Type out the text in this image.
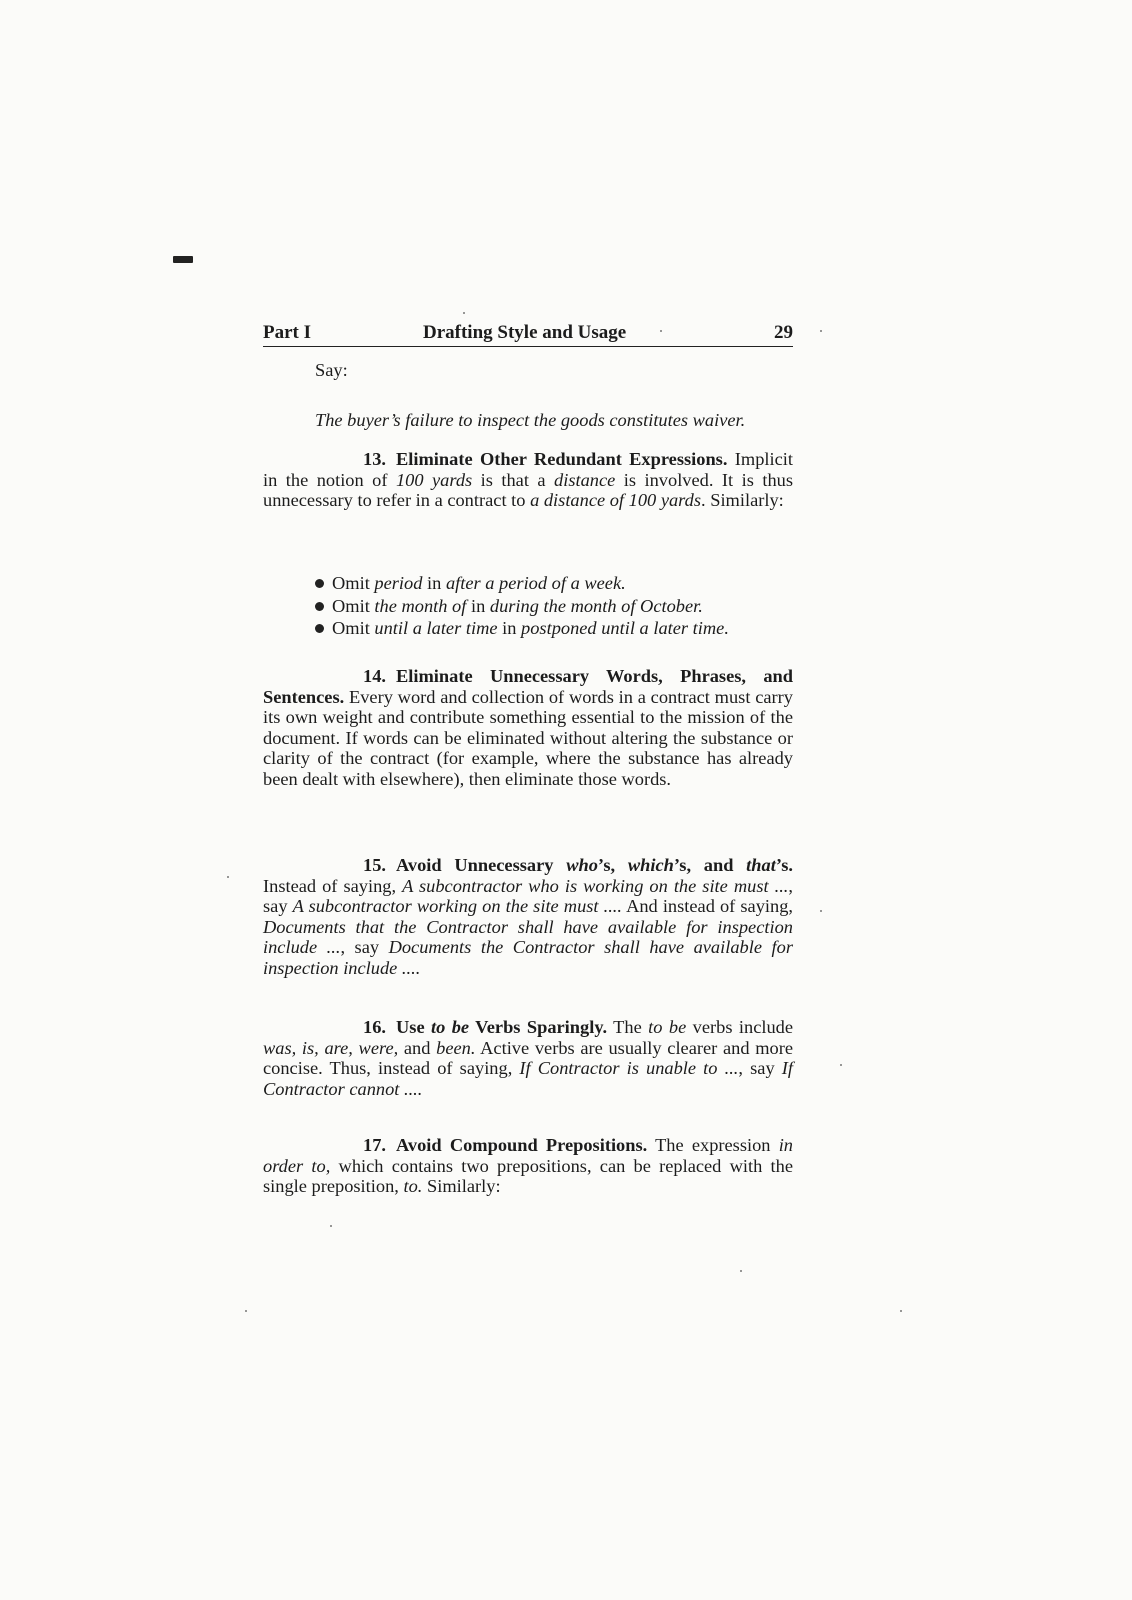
Part I	Drafting Style and Usage	29
Say:
The buyer’s failure to inspect the goods constitutes waiver.
13. Eliminate Other Redundant Expressions. Implicit in the notion of 100 yards is that a distance is involved. It is thus unnecessary to refer in a contract to a distance of 100 yards. Similarly:
Omit period in after a period of a week.
Omit the month of in during the month of October.
Omit until a later time in postponed until a later time.
14. Eliminate Unnecessary Words, Phrases, and Sentences. Every word and collection of words in a contract must carry its own weight and contribute something essential to the mission of the document. If words can be eliminated without altering the substance or clarity of the contract (for example, where the substance has already been dealt with elsewhere), then eliminate those words.
15. Avoid Unnecessary who’s, which’s, and that’s. Instead of saying, A subcontractor who is working on the site must ..., say A subcontractor working on the site must .... And instead of saying, Documents that the Contractor shall have available for inspection include ..., say Documents the Contractor shall have available for inspection include ....
16. Use to be Verbs Sparingly. The to be verbs include was, is, are, were, and been. Active verbs are usually clearer and more concise. Thus, instead of saying, If Contractor is unable to ..., say If Contractor cannot ....
17. Avoid Compound Prepositions. The expression in order to, which contains two prepositions, can be replaced with the single preposition, to. Similarly:
